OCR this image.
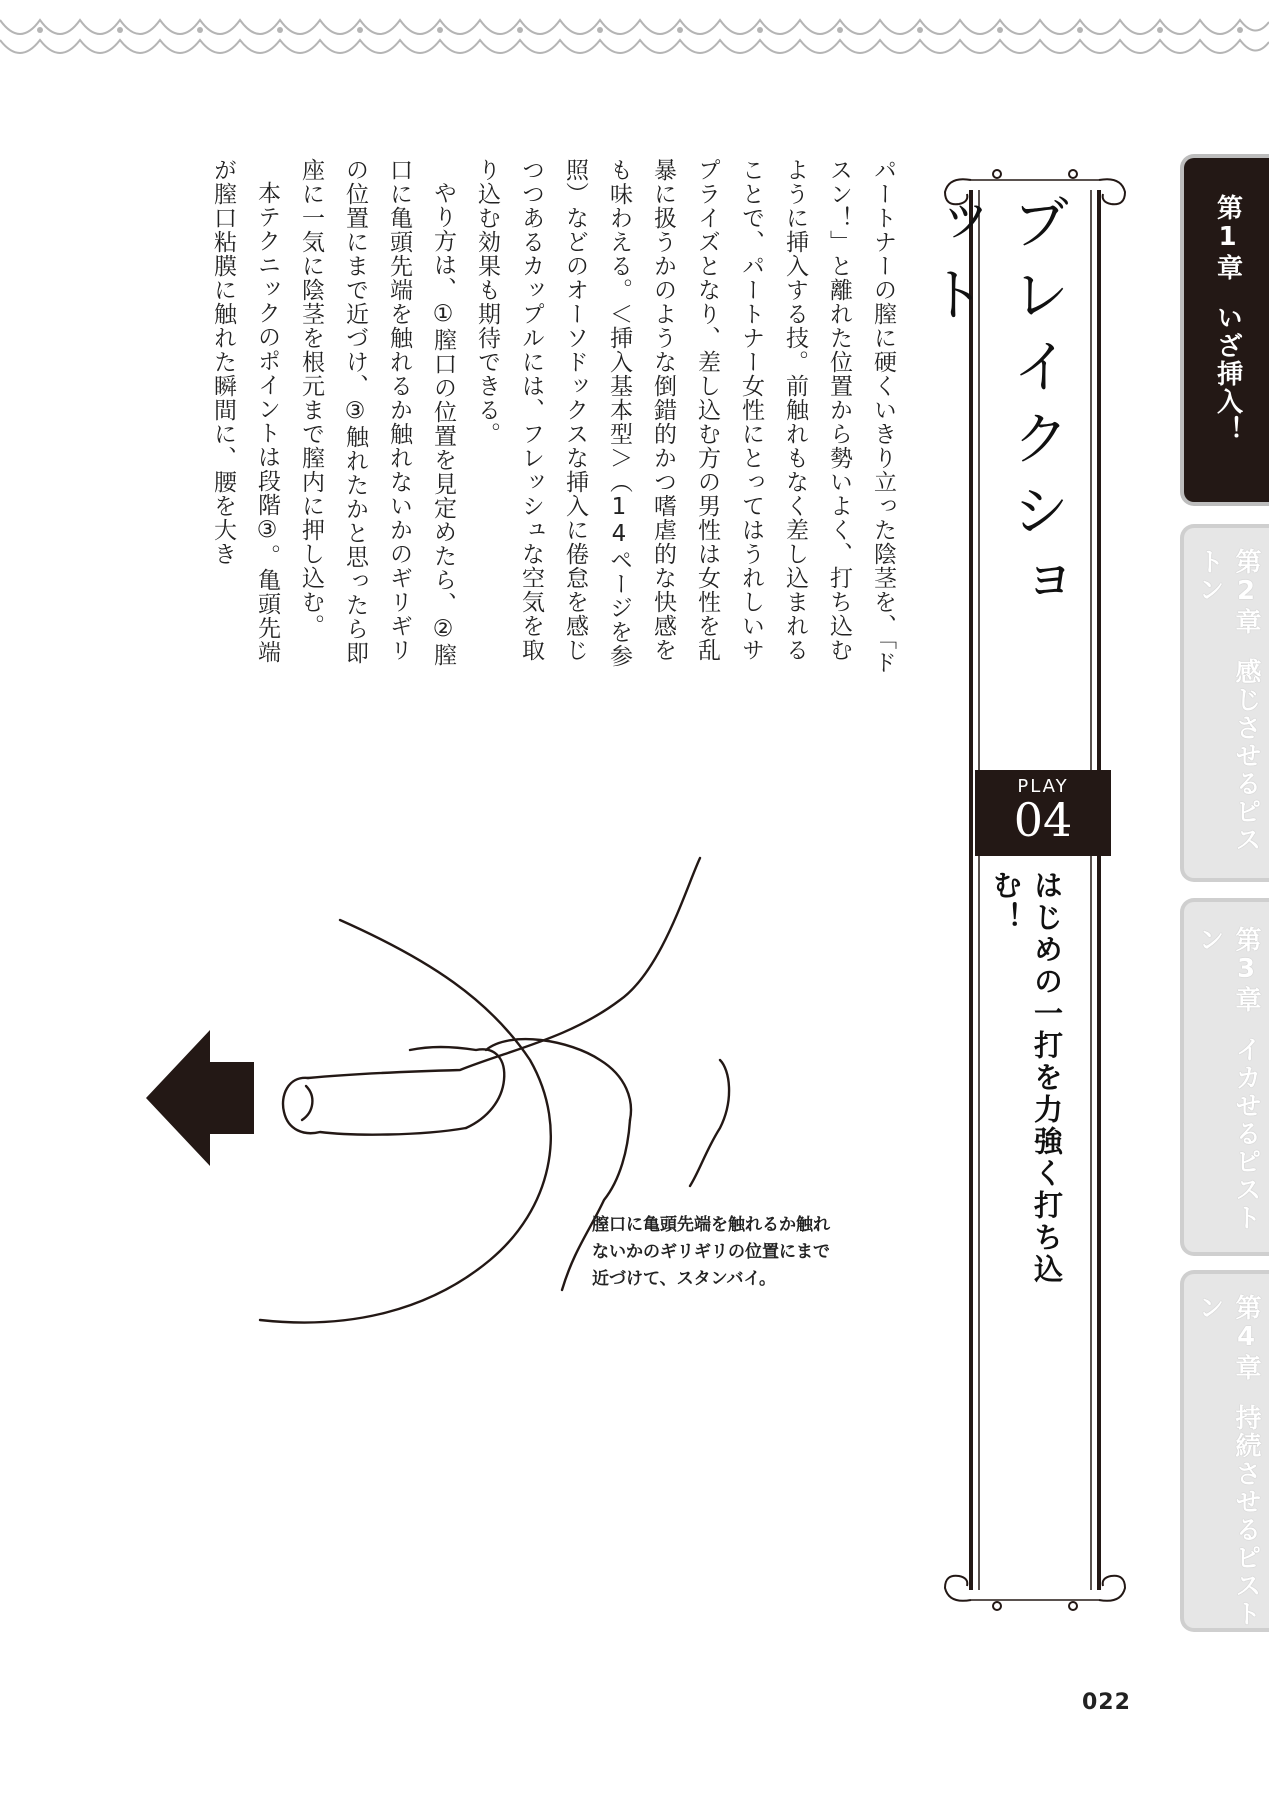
パートナーの膣に硬くいきり立った陰茎を、「ドスン！」と離れた位置から勢いよく、打ち込むように挿入する技。前触れもなく差し込まれることで、パートナー女性にとってはうれしいサプライズとなり、差し込む方の男性は女性を乱暴に扱うかのような倒錯的かつ嗜虐的な快感をも味わえる。＜挿入基本型＞（14ページを参照）などのオーソドックスな挿入に倦怠を感じつつあるカップルには、フレッシュな空気を取り込む効果も期待できる。

やり方は、①膣口の位置を見定めたら、②膣口に亀頭先端を触れるか触れないかのギリギリの位置にまで近づけ、③触れたかと思ったら即座に一気に陰茎を根元まで膣内に押し込む。

本テクニックのポイントは段階③。亀頭先端が膣口粘膜に触れた瞬間に、腰を大き	ブレイクショット
PLAY
04
はじめの一打を力強く打ち込む！
第1章いざ挿入！
第2章感じさせるピストン
第3章イカせるピストン
第4章持続させるピストン

膣口に亀頭先端を触れるか触れ

ないかのギリギリの位置にまで

近づけて、スタンバイ。

022
